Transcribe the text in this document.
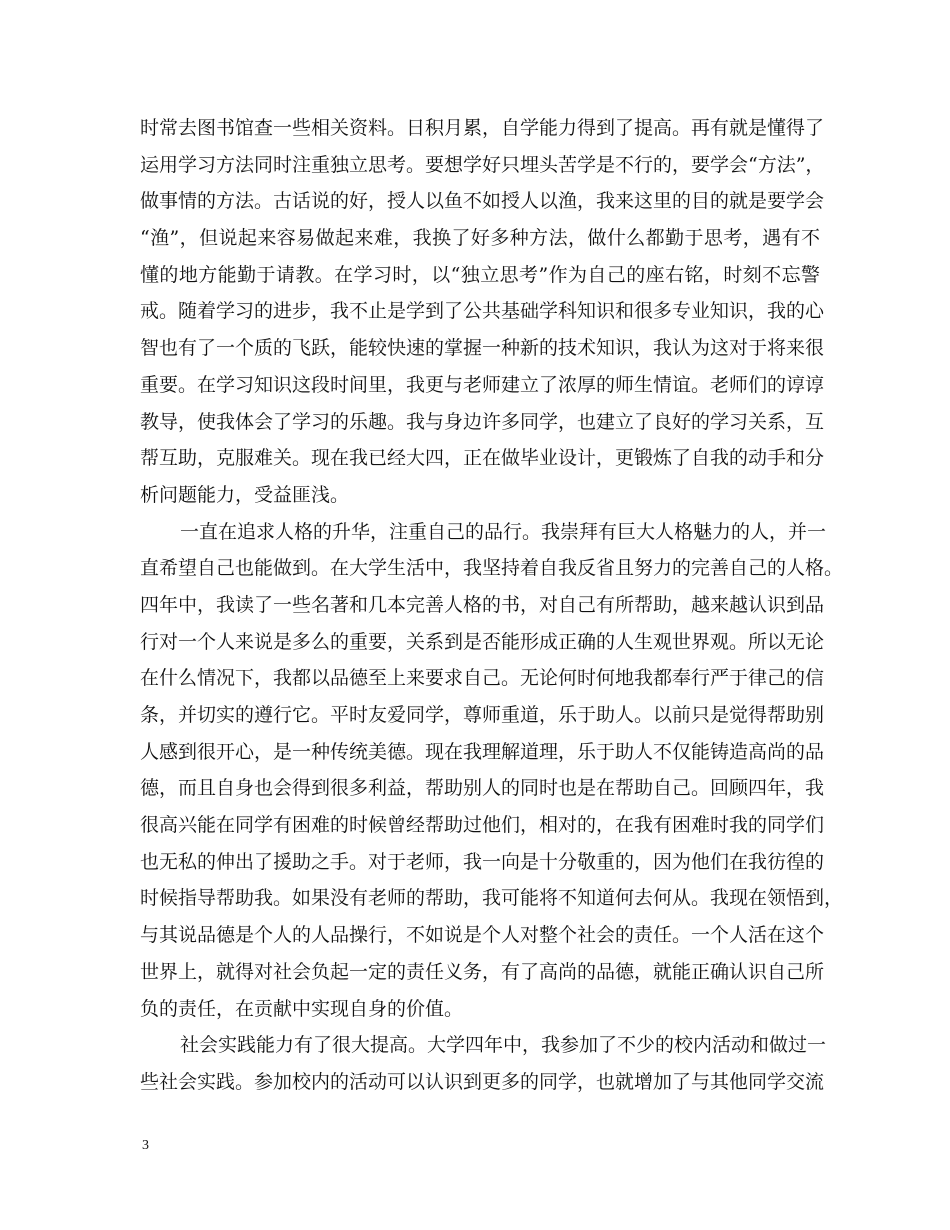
时常去图书馆查一些相关资料。日积月累，自学能力得到了提高。再有就是懂得了
运用学习方法同时注重独立思考。要想学好只埋头苦学是不行的，要学会“方法”，
做事情的方法。古话说的好，授人以鱼不如授人以渔，我来这里的目的就是要学会
“渔”，但说起来容易做起来难，我换了好多种方法，做什么都勤于思考，遇有不
懂的地方能勤于请教。在学习时，以“独立思考”作为自己的座右铭，时刻不忘警
戒。随着学习的进步，我不止是学到了公共基础学科知识和很多专业知识，我的心
智也有了一个质的飞跃，能较快速的掌握一种新的技术知识，我认为这对于将来很
重要。在学习知识这段时间里，我更与老师建立了浓厚的师生情谊。老师们的谆谆
教导，使我体会了学习的乐趣。我与身边许多同学，也建立了良好的学习关系，互
帮互助，克服难关。现在我已经大四，正在做毕业设计，更锻炼了自我的动手和分
析问题能力，受益匪浅。
一直在追求人格的升华，注重自己的品行。我崇拜有巨大人格魅力的人，并一
直希望自己也能做到。在大学生活中，我坚持着自我反省且努力的完善自己的人格。
四年中，我读了一些名著和几本完善人格的书，对自己有所帮助，越来越认识到品
行对一个人来说是多么的重要，关系到是否能形成正确的人生观世界观。所以无论
在什么情况下，我都以品德至上来要求自己。无论何时何地我都奉行严于律己的信
条，并切实的遵行它。平时友爱同学，尊师重道，乐于助人。以前只是觉得帮助别
人感到很开心，是一种传统美德。现在我理解道理，乐于助人不仅能铸造高尚的品
德，而且自身也会得到很多利益，帮助别人的同时也是在帮助自己。回顾四年，我
很高兴能在同学有困难的时候曾经帮助过他们，相对的，在我有困难时我的同学们
也无私的伸出了援助之手。对于老师，我一向是十分敬重的，因为他们在我彷徨的
时候指导帮助我。如果没有老师的帮助，我可能将不知道何去何从。我现在领悟到，
与其说品德是个人的人品操行，不如说是个人对整个社会的责任。一个人活在这个
世界上，就得对社会负起一定的责任义务，有了高尚的品德，就能正确认识自己所
负的责任，在贡献中实现自身的价值。
社会实践能力有了很大提高。大学四年中，我参加了不少的校内活动和做过一
些社会实践。参加校内的活动可以认识到更多的同学，也就增加了与其他同学交流
3
